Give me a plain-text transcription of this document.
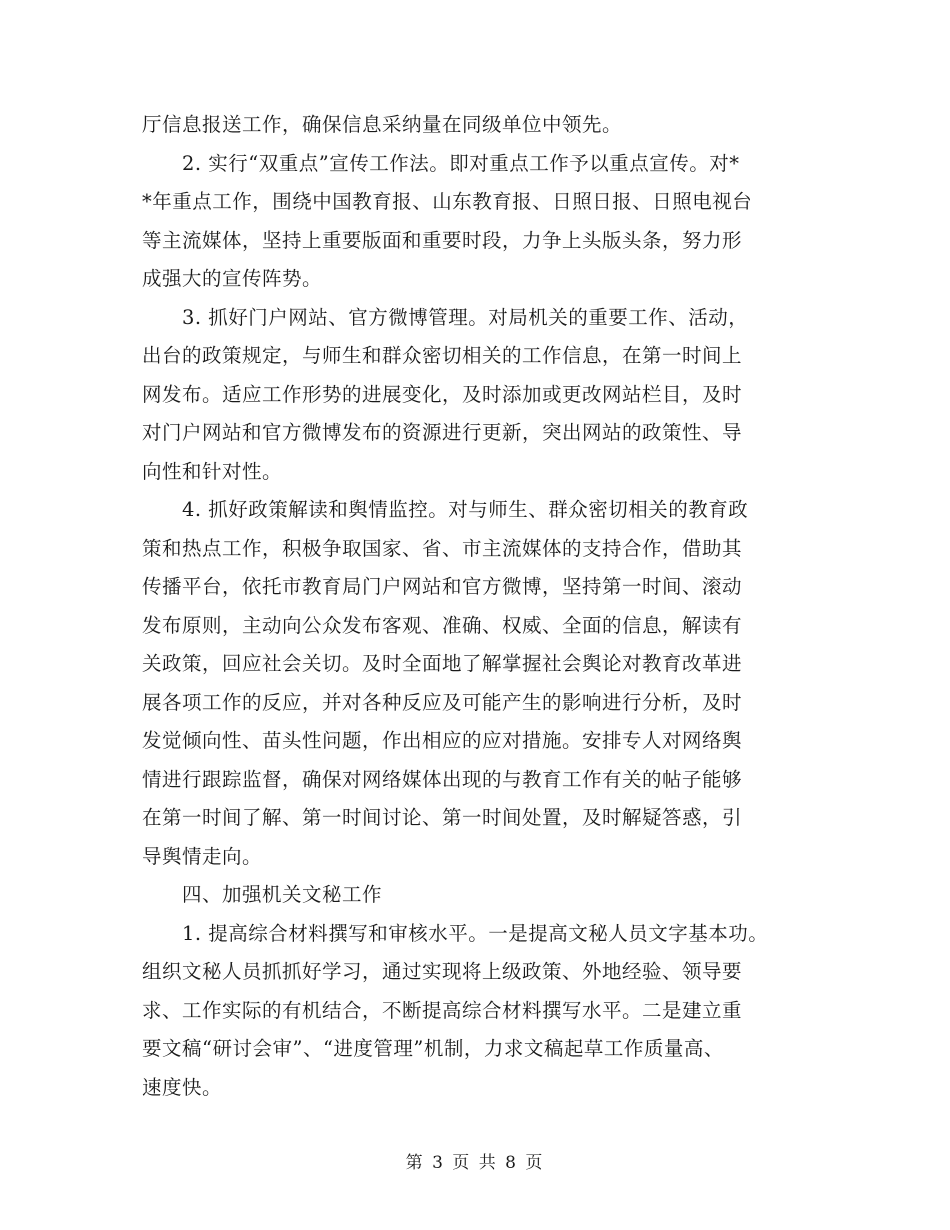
厅信息报送工作，确保信息采纳量在同级单位中领先。
2. 实行“双重点”宣传工作法。即对重点工作予以重点宣传。对*
*年重点工作，围绕中国教育报、山东教育报、日照日报、日照电视台
等主流媒体，坚持上重要版面和重要时段，力争上头版头条，努力形
成强大的宣传阵势。
3. 抓好门户网站、官方微博管理。对局机关的重要工作、活动，
出台的政策规定，与师生和群众密切相关的工作信息，在第一时间上
网发布。适应工作形势的进展变化，及时添加或更改网站栏目，及时
对门户网站和官方微博发布的资源进行更新，突出网站的政策性、导
向性和针对性。
4. 抓好政策解读和舆情监控。对与师生、群众密切相关的教育政
策和热点工作，积极争取国家、省、市主流媒体的支持合作，借助其
传播平台，依托市教育局门户网站和官方微博，坚持第一时间、滚动
发布原则，主动向公众发布客观、准确、权威、全面的信息，解读有
关政策，回应社会关切。及时全面地了解掌握社会舆论对教育改革进
展各项工作的反应，并对各种反应及可能产生的影响进行分析，及时
发觉倾向性、苗头性问题，作出相应的应对措施。安排专人对网络舆
情进行跟踪监督，确保对网络媒体出现的与教育工作有关的帖子能够
在第一时间了解、第一时间讨论、第一时间处置，及时解疑答惑，引
导舆情走向。
四、加强机关文秘工作
1. 提高综合材料撰写和审核水平。一是提高文秘人员文字基本功。
组织文秘人员抓抓好学习，通过实现将上级政策、外地经验、领导要
求、工作实际的有机结合，不断提高综合材料撰写水平。二是建立重
要文稿“研讨会审”、“进度管理”机制，力求文稿起草工作质量高、
速度快。
第 3 页 共 8 页
